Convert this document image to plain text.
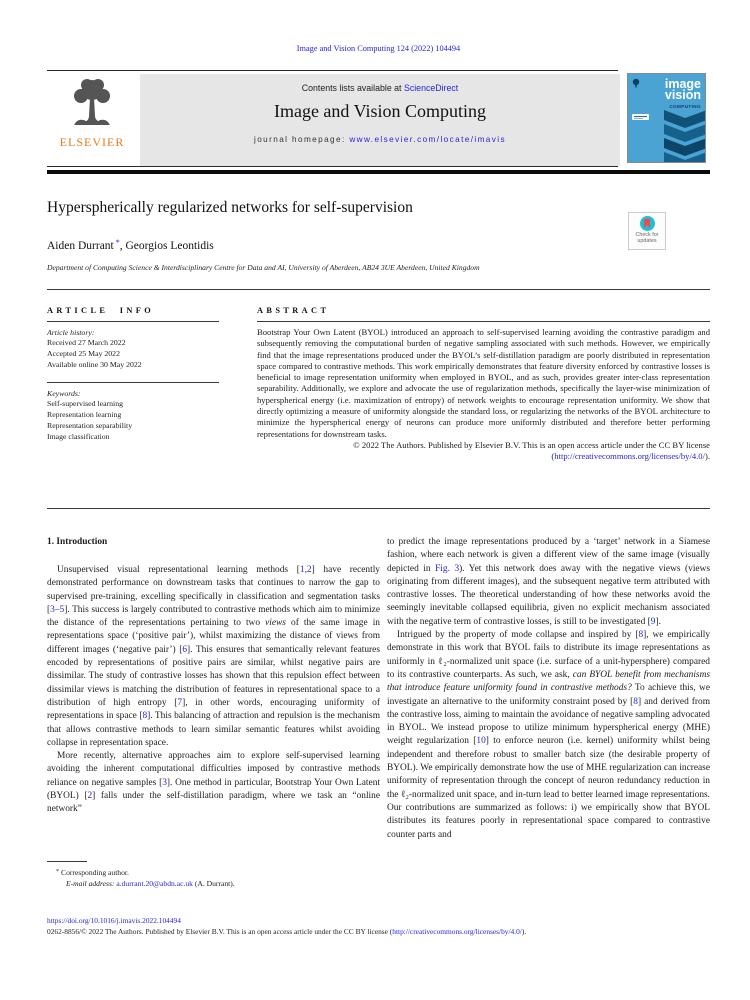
Image and Vision Computing 124 (2022) 104494
ELSEVIER
Contents lists available at ScienceDirect
Image and Vision Computing
journal homepage: www.elsevier.com/locate/imavis
image
vision
COMPUTING
Hyperspherically regularized networks for self-supervision
Check for
updates
Aiden Durrant *, Georgios Leontidis
Department of Computing Science & Interdisciplinary Centre for Data and AI, University of Aberdeen, AB24 3UE Aberdeen, United Kingdom
ARTICLE INFO
Article history:
Received 27 March 2022
Accepted 25 May 2022
Available online 30 May 2022
Keywords:
Self-supervised learning
Representation learning
Representation separability
Image classification
ABSTRACT
Bootstrap Your Own Latent (BYOL) introduced an approach to self-supervised learning avoiding the contrastive paradigm and subsequently removing the computational burden of negative sampling associated with such methods. However, we empirically find that the image representations produced under the BYOL’s self-distillation paradigm are poorly distributed in representation space compared to contrastive methods. This work empirically demonstrates that feature diversity enforced by contrastive losses is beneficial to image representation uniformity when employed in BYOL, and as such, provides greater inter-class representation separability. Additionally, we explore and advocate the use of regularization methods, specifically the layer-wise minimization of hyperspherical energy (i.e. maximization of entropy) of network weights to encourage representation uniformity. We show that directly optimizing a measure of uniformity alongside the standard loss, or regularizing the networks of the BYOL architecture to minimize the hyperspherical energy of neurons can produce more uniformly distributed and therefore better performing representations for downstream tasks.
© 2022 The Authors. Published by Elsevier B.V. This is an open access article under the CC BY license (http://creativecommons.org/licenses/by/4.0/).
1. Introduction

Unsupervised visual representational learning methods [1,2] have recently demonstrated performance on downstream tasks that continues to narrow the gap to supervised pre-training, excelling specifically in classification and segmentation tasks [3–5]. This success is largely contributed to contrastive methods which aim to minimize the distance of the representations pertaining to two views of the same image in representations space (‘positive pair’), whilst maximizing the distance of views from different images (‘negative pair’) [6]. This ensures that semantically relevant features encoded by representations of positive pairs are similar, whilst negative pairs are dissimilar. The study of contrastive losses has shown that this repulsion effect between dissimilar views is matching the distribution of features in representational space to a distribution of high entropy [7], in other words, encouraging uniformity of representations in space [8]. This balancing of attraction and repulsion is the mechanism that allows contrastive methods to learn similar semantic features whilst avoiding collapse in representation space.

More recently, alternative approaches aim to explore self-supervised learning avoiding the inherent computational difficulties imposed by contrastive methods reliance on negative samples [3]. One method in particular, Bootstrap Your Own Latent (BYOL) [2] falls under the self-distillation paradigm, where we task an “online network”

to predict the image representations produced by a ‘target’ network in a Siamese fashion, where each network is given a different view of the same image (visually depicted in Fig. 3). Yet this network does away with the negative views (views originating from different images), and the subsequent negative term attributed with contrastive losses. The theoretical understanding of how these networks avoid the seemingly inevitable collapsed equilibria, given no explicit mechanism associated with the negative term of contrastive losses, is still to be investigated [9].

Intrigued by the property of mode collapse and inspired by [8], we empirically demonstrate in this work that BYOL fails to distribute its image representations as uniformly in ℓ₂-normalized unit space (i.e. surface of a unit-hypersphere) compared to its contrastive counterparts. As such, we ask, can BYOL benefit from mechanisms that introduce feature uniformity found in contrastive methods? To achieve this, we investigate an alternative to the uniformity constraint posed by [8] and derived from the contrastive loss, aiming to maintain the avoidance of negative sampling advocated in BYOL. We instead propose to utilize minimum hyperspherical energy (MHE) weight regularization [10] to enforce neuron (i.e. kernel) uniformity whilst being independent and therefore robust to smaller batch size (the desirable property of BYOL). We empirically demonstrate how the use of MHE regularization can increase uniformity of representation through the concept of neuron redundancy reduction in the ℓ₂-normalized unit space, and in-turn lead to better learned image representations. Our contributions are summarized as follows: i) we empirically show that BYOL distributes its features poorly in representational space compared to contrastive counter parts and

* Corresponding author.
E-mail address: a.durrant.20@abdn.ac.uk (A. Durrant).
https://doi.org/10.1016/j.imavis.2022.104494
0262-8856/© 2022 The Authors. Published by Elsevier B.V. This is an open access article under the CC BY license (http://creativecommons.org/licenses/by/4.0/).
